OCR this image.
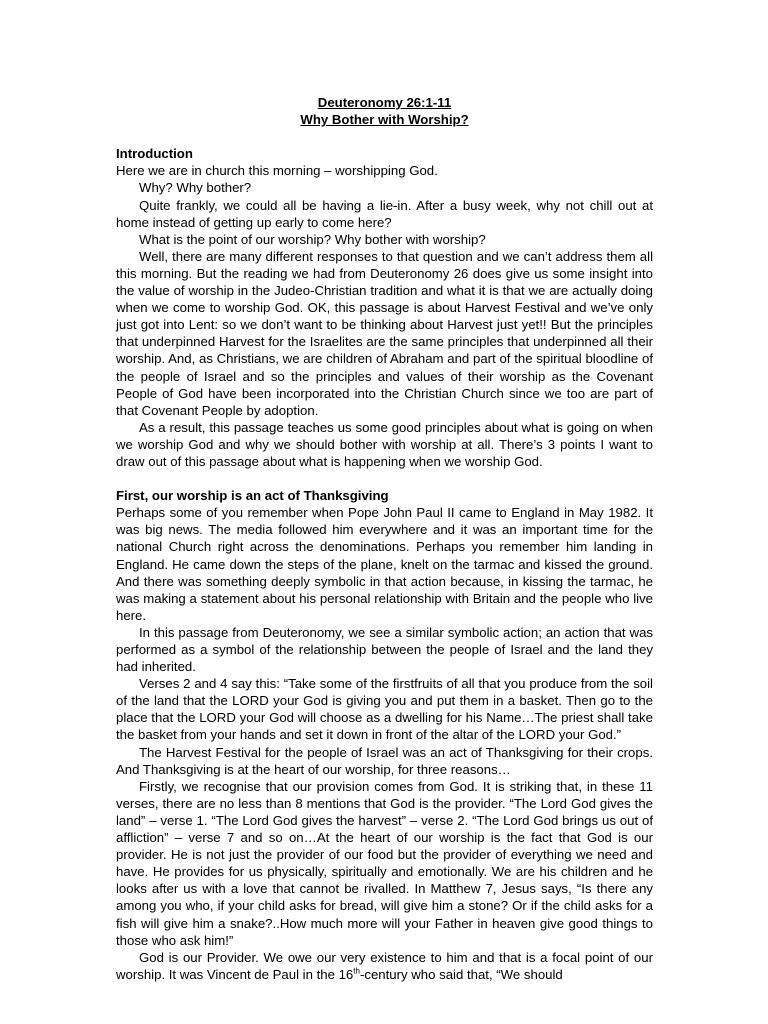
Deuteronomy 26:1-11

Why Bother with Worship?

Introduction

Here we are in church this morning – worshipping God.

Why? Why bother?

Quite frankly, we could all be having a lie-in. After a busy week, why not chill out at home instead of getting up early to come here?

What is the point of our worship? Why bother with worship?

Well, there are many different responses to that question and we can’t address them all this morning. But the reading we had from Deuteronomy 26 does give us some insight into the value of worship in the Judeo-Christian tradition and what it is that we are actually doing when we come to worship God. OK, this passage is about Harvest Festival and we’ve only just got into Lent: so we don’t want to be thinking about Harvest just yet!! But the principles that underpinned Harvest for the Israelites are the same principles that underpinned all their worship. And, as Christians, we are children of Abraham and part of the spiritual bloodline of the people of Israel and so the principles and values of their worship as the Covenant People of God have been incorporated into the Christian Church since we too are part of that Covenant People by adoption.

As a result, this passage teaches us some good principles about what is going on when we worship God and why we should bother with worship at all. There’s 3 points I want to draw out of this passage about what is happening when we worship God.

First, our worship is an act of Thanksgiving

Perhaps some of you remember when Pope John Paul II came to England in May 1982. It was big news. The media followed him everywhere and it was an important time for the national Church right across the denominations. Perhaps you remember him landing in England. He came down the steps of the plane, knelt on the tarmac and kissed the ground. And there was something deeply symbolic in that action because, in kissing the tarmac, he was making a statement about his personal relationship with Britain and the people who live here.

In this passage from Deuteronomy, we see a similar symbolic action; an action that was performed as a symbol of the relationship between the people of Israel and the land they had inherited.

Verses 2 and 4 say this: “Take some of the firstfruits of all that you produce from the soil of the land that the LORD your God is giving you and put them in a basket. Then go to the place that the LORD your God will choose as a dwelling for his Name…The priest shall take the basket from your hands and set it down in front of the altar of the LORD your God.”

The Harvest Festival for the people of Israel was an act of Thanksgiving for their crops. And Thanksgiving is at the heart of our worship, for three reasons…

Firstly, we recognise that our provision comes from God. It is striking that, in these 11 verses, there are no less than 8 mentions that God is the provider. “The Lord God gives the land” – verse 1. “The Lord God gives the harvest” – verse 2. “The Lord God brings us out of affliction” – verse 7 and so on…At the heart of our worship is the fact that God is our provider. He is not just the provider of our food but the provider of everything we need and have. He provides for us physically, spiritually and emotionally. We are his children and he looks after us with a love that cannot be rivalled. In Matthew 7, Jesus says, “Is there any among you who, if your child asks for bread, will give him a stone? Or if the child asks for a fish will give him a snake?..How much more will your Father in heaven give good things to those who ask him!”

God is our Provider. We owe our very existence to him and that is a focal point of our worship. It was Vincent de Paul in the 16th-century who said that, “We should
